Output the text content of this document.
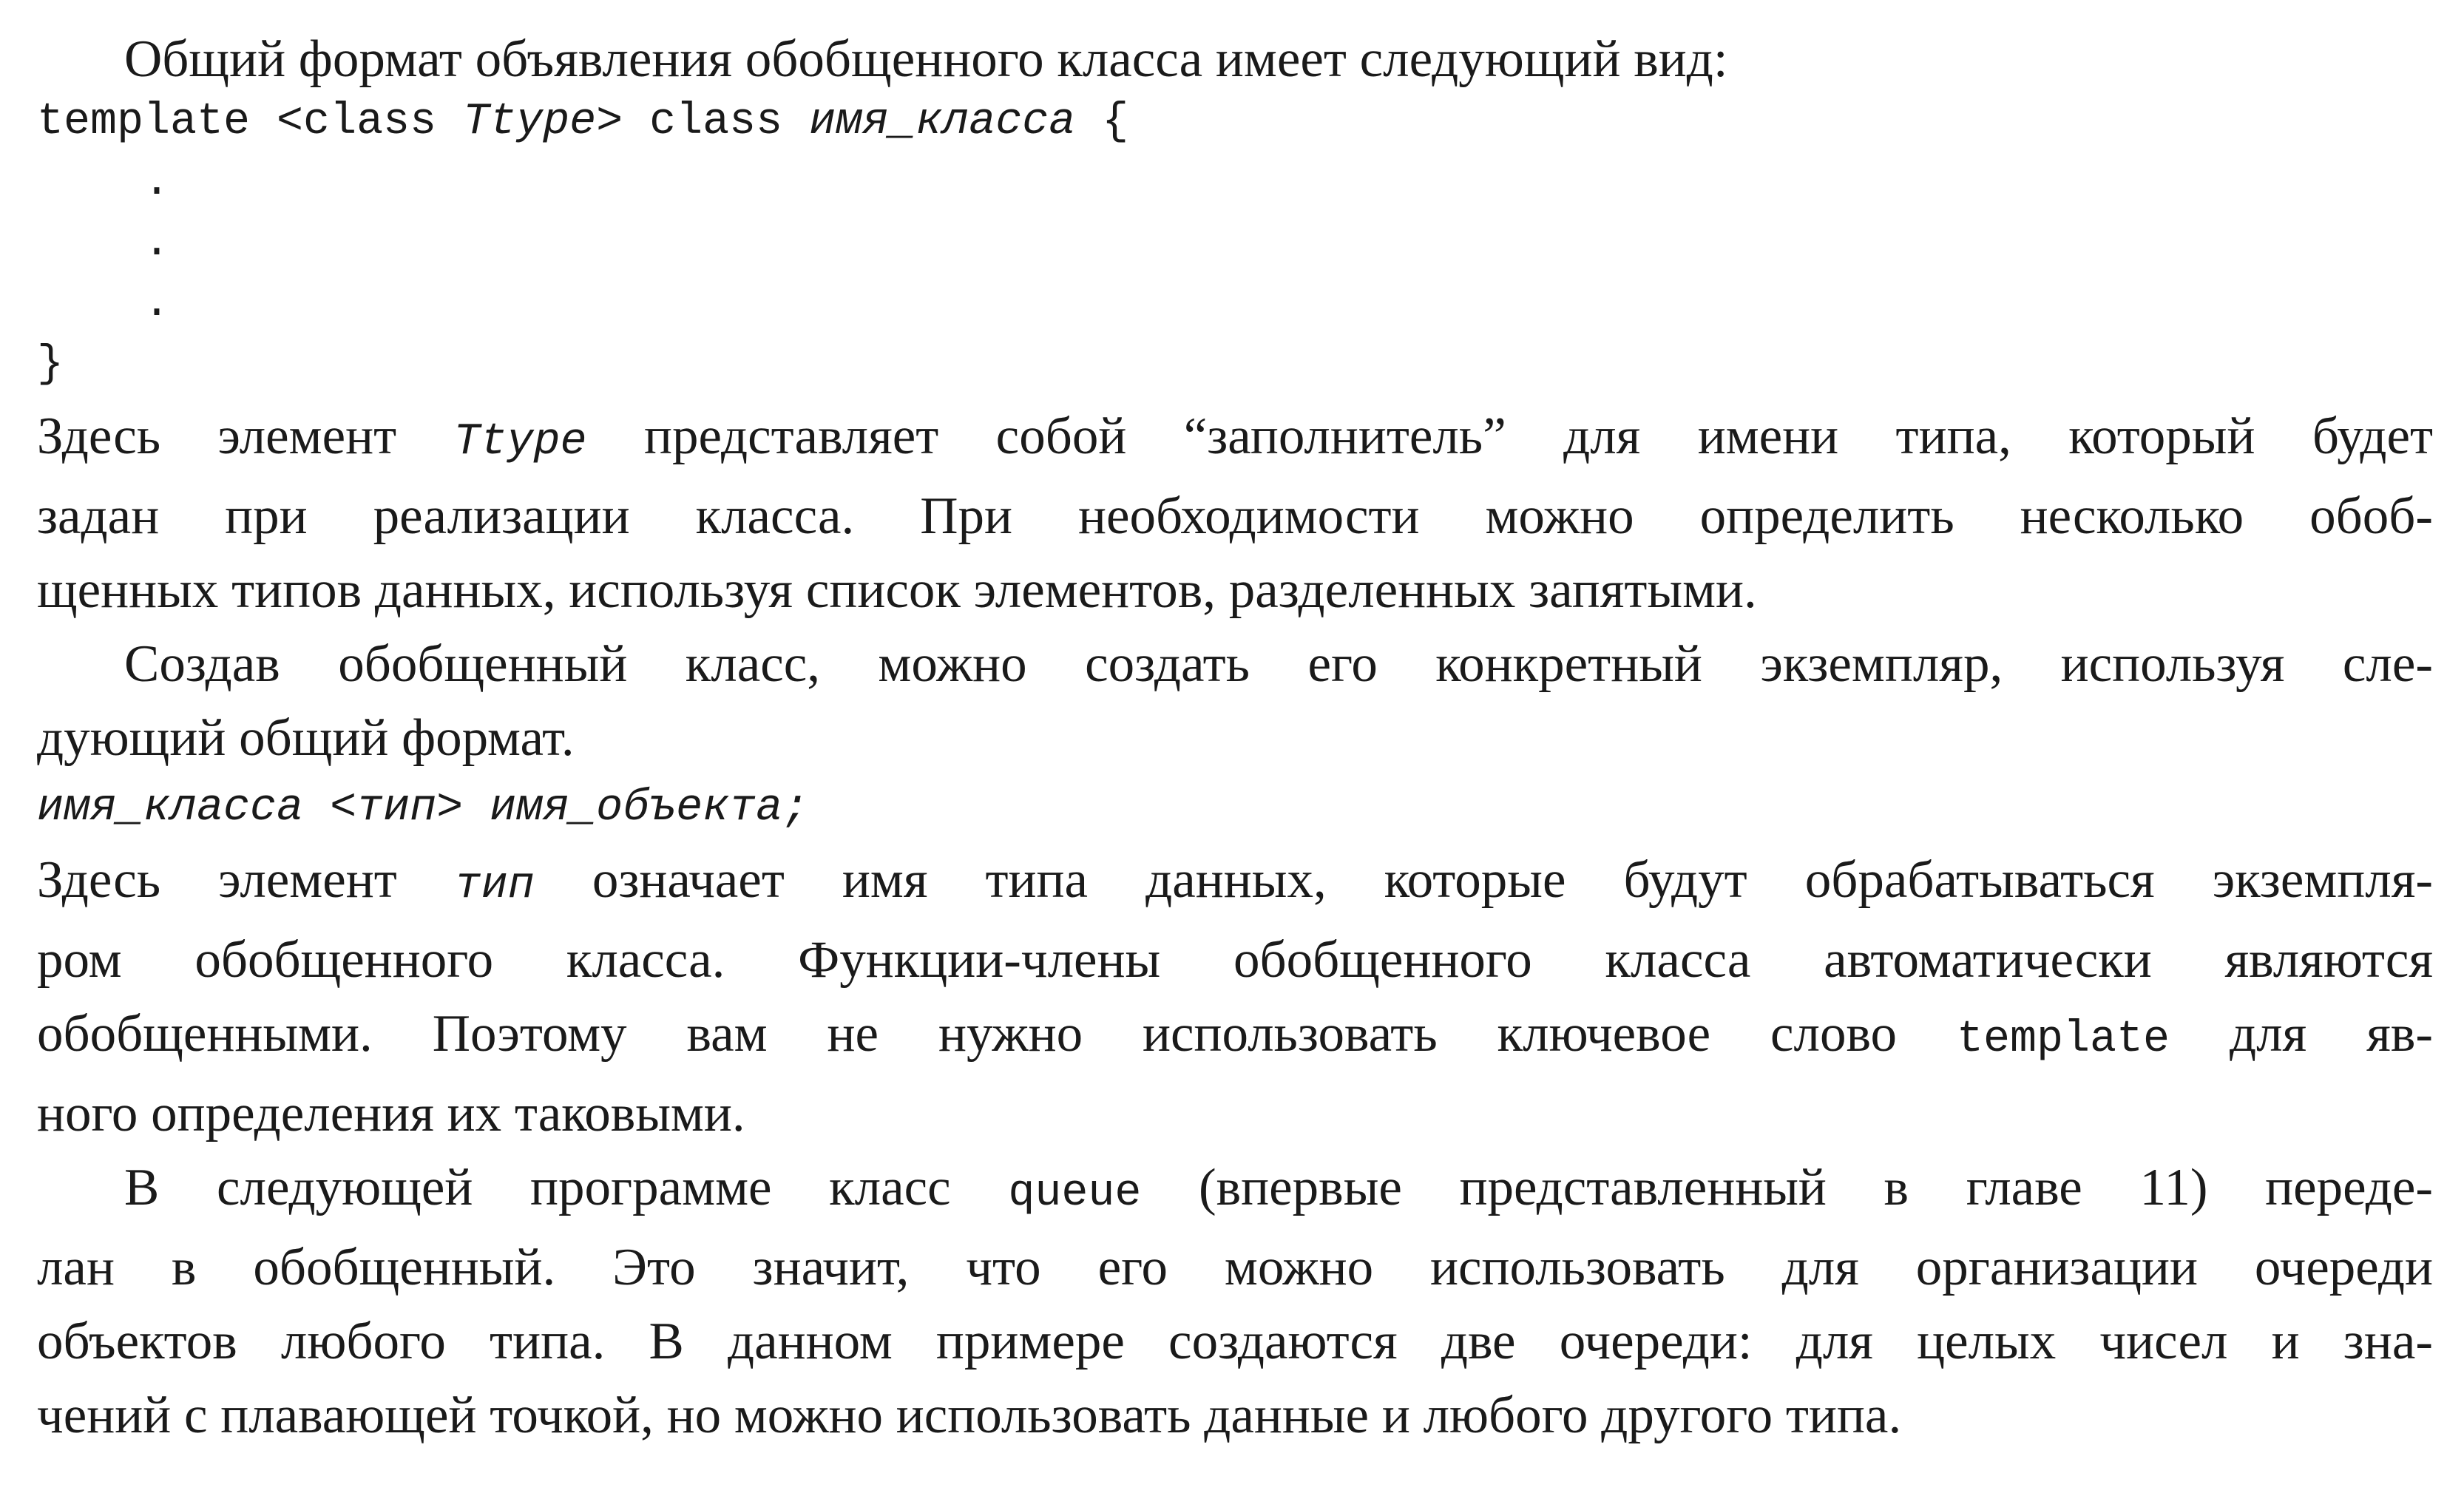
Общий формат объявления обобщенного класса имеет следующий вид:

template <class Ttype> class имя_класса {
.
.
.
}

Здесь элемент Ttype представляет собой “заполнитель” для имени типа, который будет
задан при реализации класса. При необходимости можно определить несколько обоб-
щенных типов данных, используя список элементов, разделенных запятыми.

Создав обобщенный класс, можно создать его конкретный экземпляр, используя сле-
дующий общий формат.

имя_класса <тип> имя_объекта;

Здесь элемент тип означает имя типа данных, которые будут обрабатываться экземпля-
ром обобщенного класса. Функции-члены обобщенного класса автоматически являются
обобщенными. Поэтому вам не нужно использовать ключевое слово template для яв-
ного определения их таковыми.

В следующей программе класс queue (впервые представленный в главе 11) переде-
лан в обобщенный. Это значит, что его можно использовать для организации очереди
объектов любого типа. В данном примере создаются две очереди: для целых чисел и зна-
чений с плавающей точкой, но можно использовать данные и любого другого типа.
